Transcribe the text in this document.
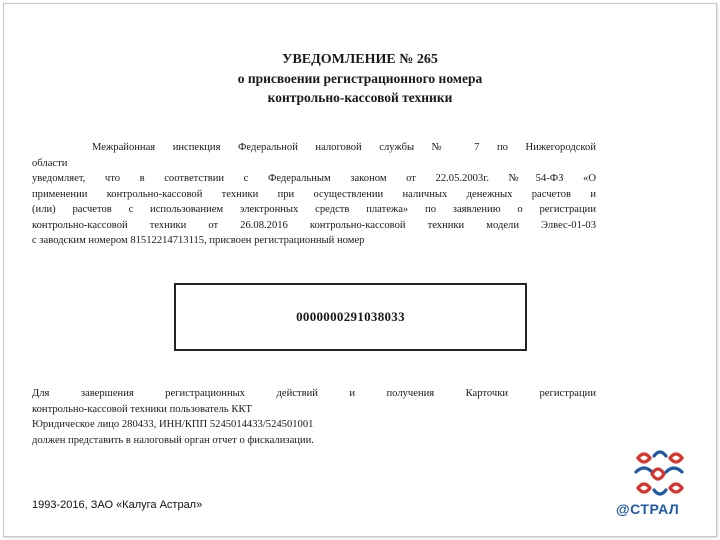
УВЕДОМЛЕНИЕ № 265
о присвоении регистрационного номера
контрольно-кассовой техники
Межрайонная инспекция Федеральной налоговой службы № 7 по Нижегородской
области
уведомляет, что в соответствии с Федеральным законом от 22.05.2003г. №54-ФЗ «О
применении контрольно-кассовой техники при осуществлении наличных денежных расчетов и
(или) расчетов с использованием электронных средств платежа» по заявлению о регистрации
контрольно-кассовой техники от 26.08.2016 контрольно-кассовой техники модели Элвес-01-03
с заводским номером 81512214713115, присвоен регистрационный номер
0000000291038033
Для завершения регистрационных действий и получения Карточки регистрации
контрольно-кассовой техники пользователь ККТ
Юридическое лицо 280433, ИНН/КПП 5245014433/524501001
должен представить в налоговый орган отчет о фискализации.
1993-2016, ЗАО «Калуга Астрал»	@СТРАЛ
